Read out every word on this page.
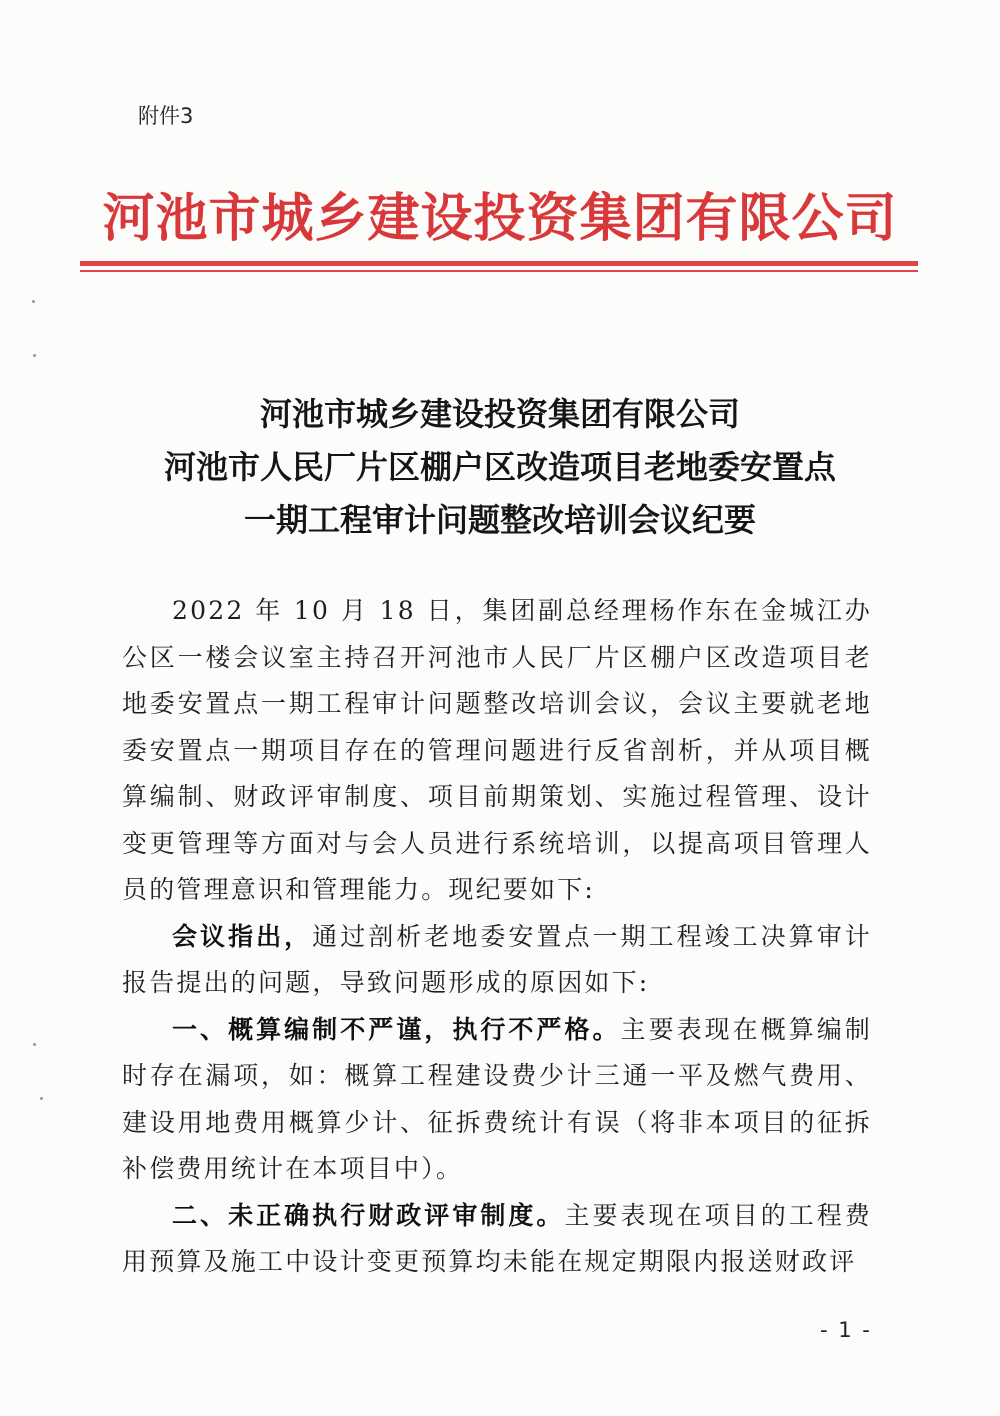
附件3
河池市城乡建设投资集团有限公司
河池市城乡建设投资集团有限公司
河池市人民厂片区棚户区改造项目老地委安置点
一期工程审计问题整改培训会议纪要

2022 年 10 月 18 日，集团副总经理杨作东在金城江办公区一楼会议室主持召开河池市人民厂片区棚户区改造项目老地委安置点一期工程审计问题整改培训会议，会议主要就老地委安置点一期项目存在的管理问题进行反省剖析，并从项目概算编制、财政评审制度、项目前期策划、实施过程管理、设计变更管理等方面对与会人员进行系统培训，以提高项目管理人员的管理意识和管理能力。现纪要如下:

会议指出，通过剖析老地委安置点一期工程竣工决算审计报告提出的问题，导致问题形成的原因如下:

一、概算编制不严谨，执行不严格。主要表现在概算编制时存在漏项，如：概算工程建设费少计三通一平及燃气费用、建设用地费用概算少计、征拆费统计有误（将非本项目的征拆补偿费用统计在本项目中）。

二、未正确执行财政评审制度。主要表现在项目的工程费用预算及施工中设计变更预算均未能在规定期限内报送财政评

- 1 -
